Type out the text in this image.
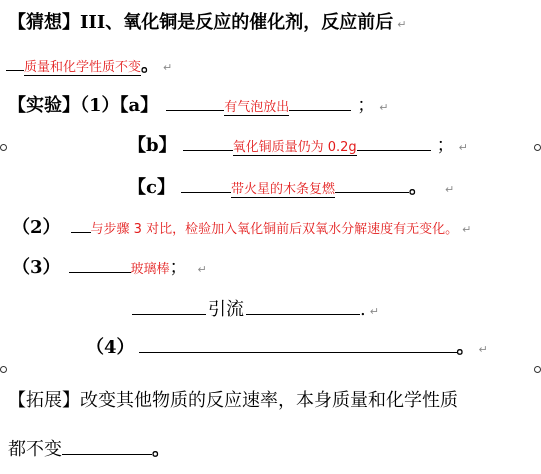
【猜想】III、氧化铜是反应的催化剂，反应前后 ↵
质量和化学性质不变。 ↵
【实验】（1）【a】	有气泡放出	； ↵
【b】	氧化铜质量仍为 0.2g	； ↵
【c】	带火星的木条复燃	。 ↵
（2） 与步骤 3 对比，检验加入氧化铜前后双氧水分解速度有无变化。 ↵
（3）	玻璃棒； ↵
引流	. ↵
（4）	。 ↵
【拓展】改变其他物质的反应速率，本身质量和化学性质
都不变	。
